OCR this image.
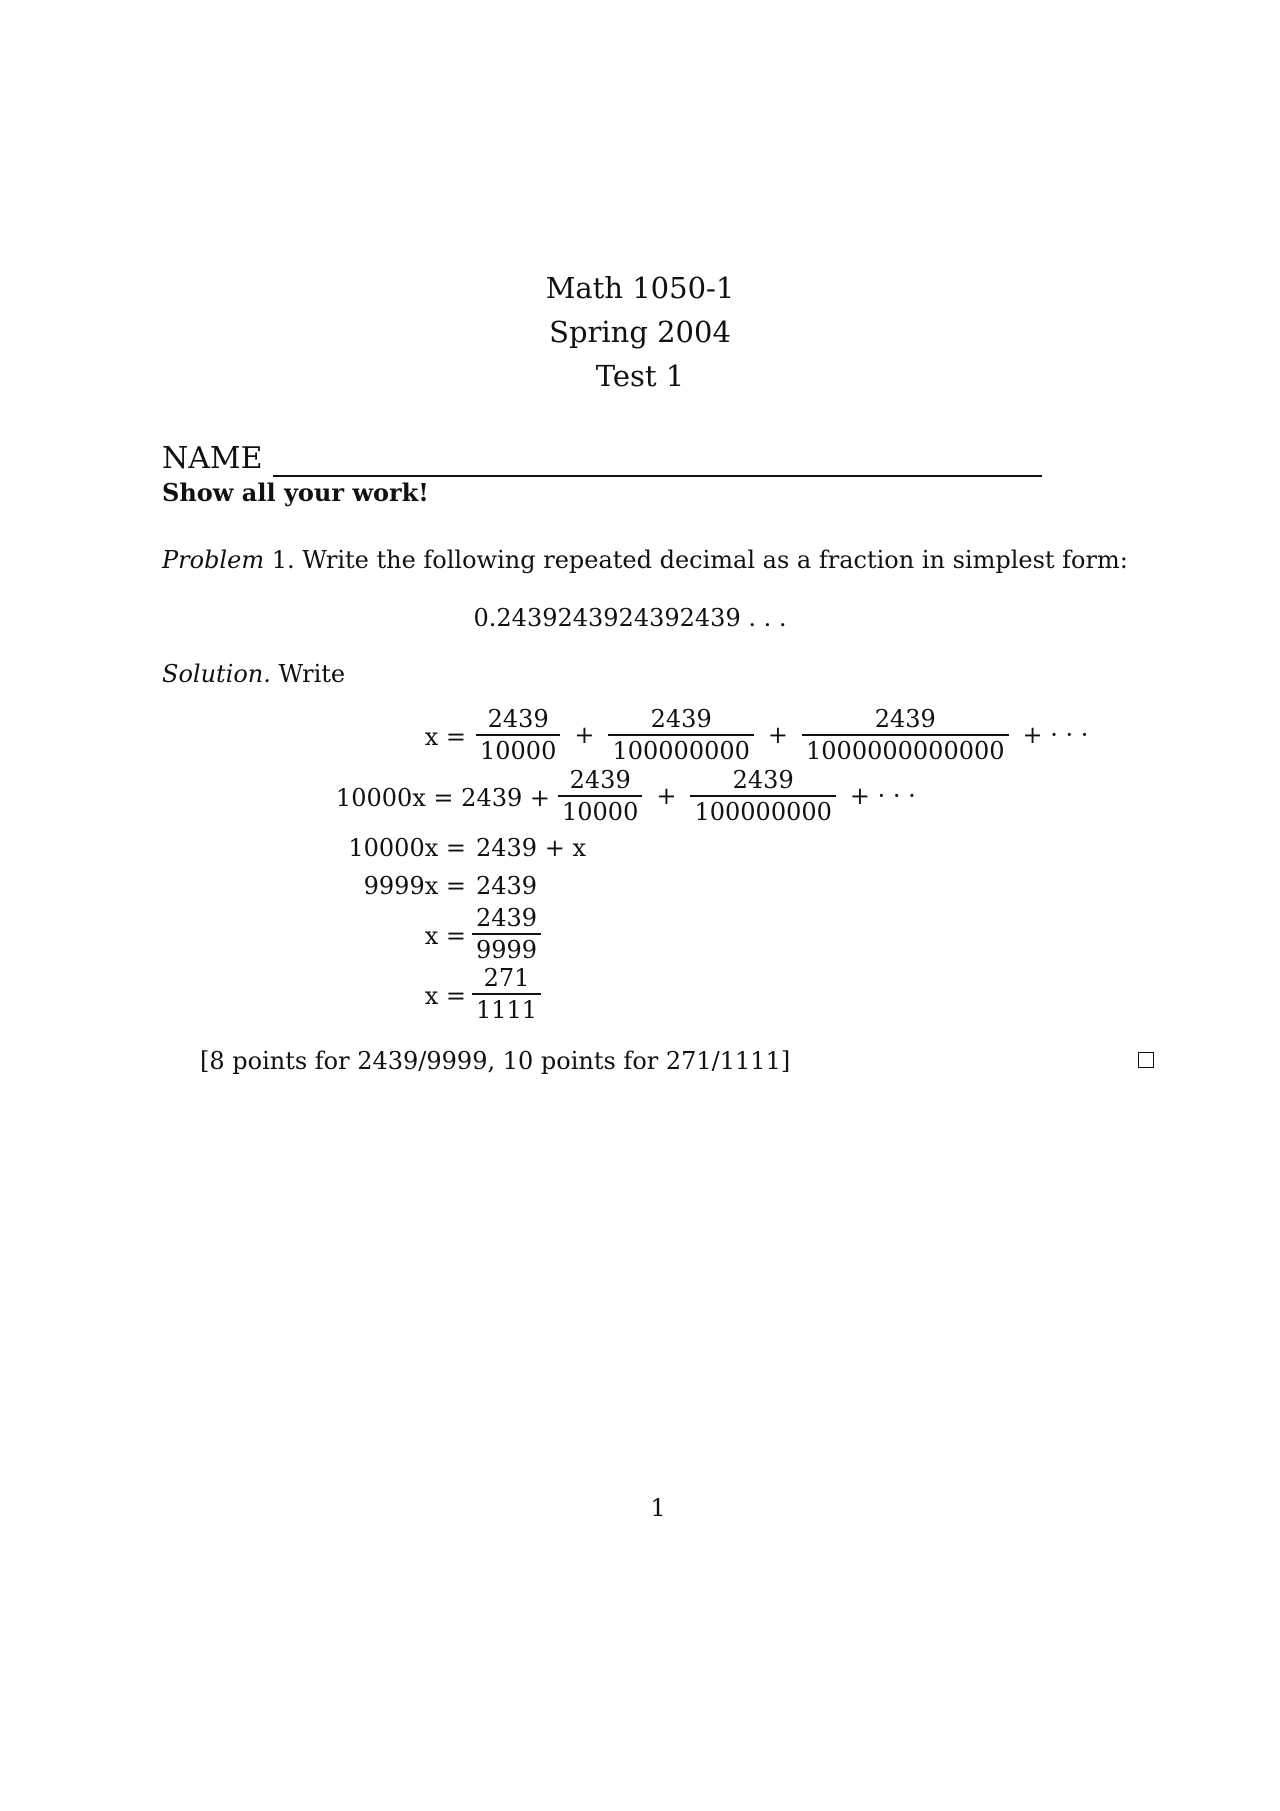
Math 1050-1
Spring 2004
Test 1
NAME
Show all your work!
Problem 1. Write the following repeated decimal as a fraction in simplest form:
0.2439243924392439 . . .
Solution. Write
$x = \frac{2439}{10000} + \frac{2439}{100000000} + \frac{2439}{1000000000000}$ + · · ·
$10000x = 2439 + \frac{2439}{10000} + \frac{2439}{100000000}$ + · · ·
10000x = 2439 + x
9999x = 2439
$x = \frac{2439}{9999}$
$x = \frac{271}{1111}$
[8 points for 2439/9999, 10 points for 271/1111]
1
